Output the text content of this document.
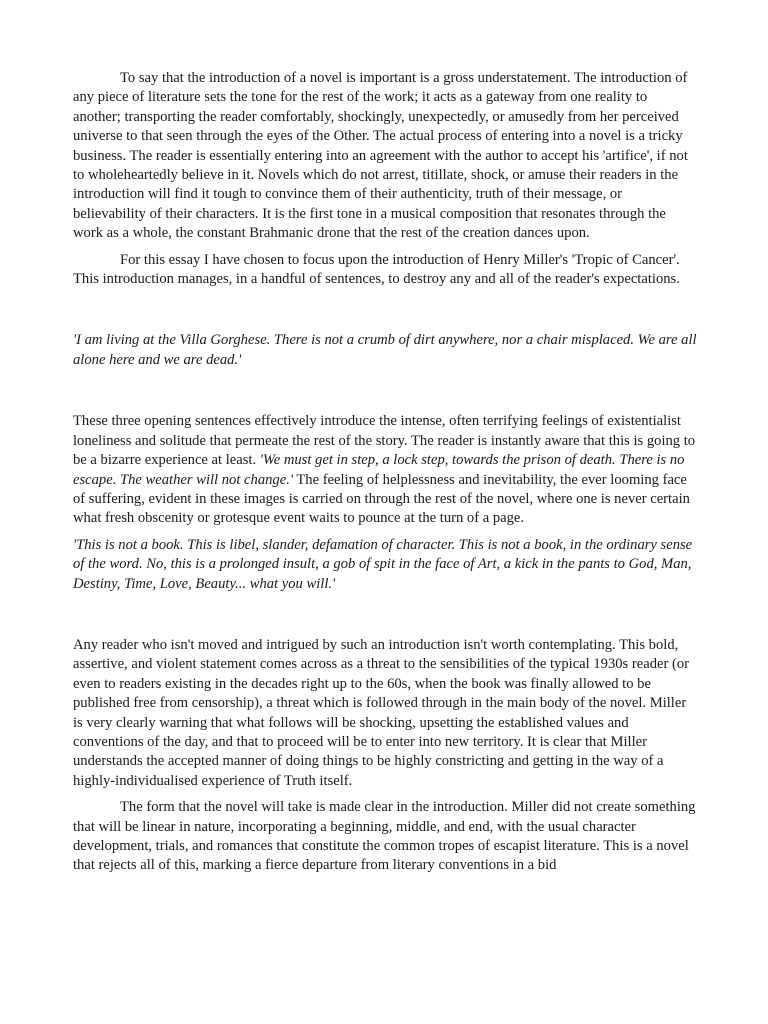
To say that the introduction of a novel is important is a gross understatement. The introduction of any piece of literature sets the tone for the rest of the work; it acts as a gateway from one reality to another; transporting the reader comfortably, shockingly, unexpectedly, or amusedly from her perceived universe to that seen through the eyes of the Other. The actual process of entering into a novel is a tricky business. The reader is essentially entering into an agreement with the author to accept his 'artifice', if not to wholeheartedly believe in it. Novels which do not arrest, titillate, shock, or amuse their readers in the introduction will find it tough to convince them of their authenticity, truth of their message, or believability of their characters. It is the first tone in a musical composition that resonates through the work as a whole, the constant Brahmanic drone that the rest of the creation dances upon.

For this essay I have chosen to focus upon the introduction of Henry Miller's 'Tropic of Cancer'. This introduction manages, in a handful of sentences, to destroy any and all of the reader's expectations.

'I am living at the Villa Gorghese. There is not a crumb of dirt anywhere, nor a chair misplaced. We are all alone here and we are dead.'

These three opening sentences effectively introduce the intense, often terrifying feelings of existentialist loneliness and solitude that permeate the rest of the story. The reader is instantly aware that this is going to be a bizarre experience at least. 'We must get in step, a lock step, towards the prison of death. There is no escape. The weather will not change.' The feeling of helplessness and inevitability, the ever looming face of suffering, evident in these images is carried on through the rest of the novel, where one is never certain what fresh obscenity or grotesque event waits to pounce at the turn of a page.

'This is not a book. This is libel, slander, defamation of character. This is not a book, in the ordinary sense of the word. No, this is a prolonged insult, a gob of spit in the face of Art, a kick in the pants to God, Man, Destiny, Time, Love, Beauty... what you will.'

Any reader who isn't moved and intrigued by such an introduction isn't worth contemplating. This bold, assertive, and violent statement comes across as a threat to the sensibilities of the typical 1930s reader (or even to readers existing in the decades right up to the 60s, when the book was finally allowed to be published free from censorship), a threat which is followed through in the main body of the novel. Miller is very clearly warning that what follows will be shocking, upsetting the established values and conventions of the day, and that to proceed will be to enter into new territory. It is clear that Miller understands the accepted manner of doing things to be highly constricting and getting in the way of a highly-individualised experience of Truth itself.

The form that the novel will take is made clear in the introduction. Miller did not create something that will be linear in nature, incorporating a beginning, middle, and end, with the usual character development, trials, and romances that constitute the common tropes of escapist literature. This is a novel that rejects all of this, marking a fierce departure from literary conventions in a bid
